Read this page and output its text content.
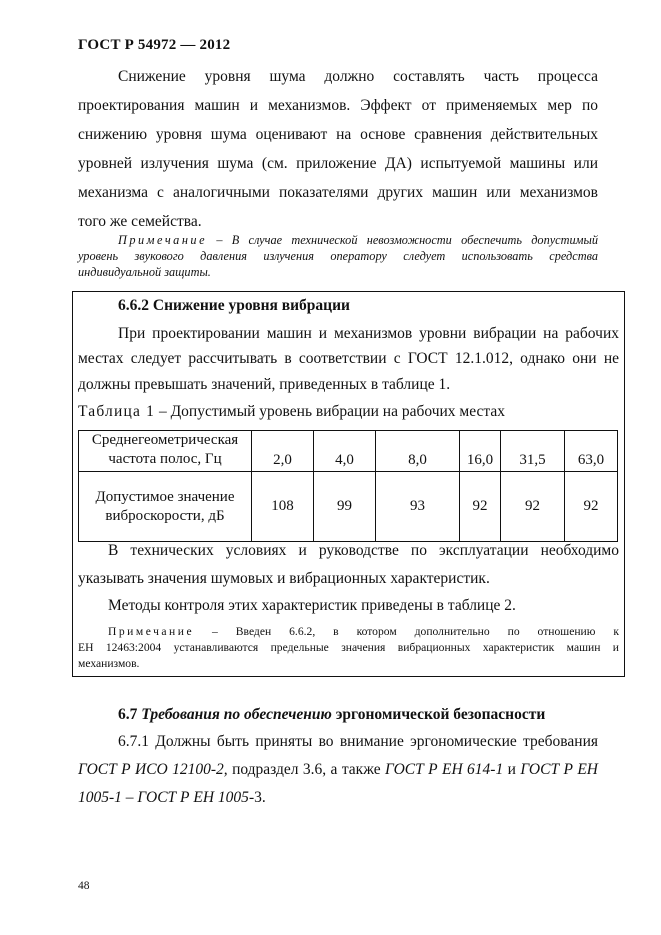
ГОСТ Р 54972 — 2012
Снижение уровня шума должно составлять часть процесса
проектирования машин и механизмов. Эффект от применяемых мер по
снижению уровня шума оценивают на основе сравнения действительных
уровней излучения шума (см. приложение ДА) испытуемой машины или
механизма с аналогичными показателями других машин или механизмов
того же семейства.
Примечание – В случае технической невозможности обеспечить допустимый
уровень звукового давления излучения оператору следует использовать средства
индивидуальной защиты.
6.6.2 Снижение уровня вибрации
При проектировании машин и механизмов уровни вибрации на рабочих
местах следует рассчитывать в соответствии с ГОСТ 12.1.012, однако они не
должны превышать значений, приведенных в таблице 1.
Таблица 1 – Допустимый уровень вибрации на рабочих местах
Среднегеометрическая
частота полос, Гц	2,0	4,0	8,0	16,0	31,5	63,0

Допустимое значение
виброскорости, дБ	108	99	93	92	92	92
В технических условиях и руководстве по эксплуатации необходимо
указывать значения шумовых и вибрационных характеристик.
Методы контроля этих характеристик приведены в таблице 2.
Примечание – Введен 6.6.2, в котором дополнительно по отношению к
ЕН 12463:2004 устанавливаются предельные значения вибрационных характеристик машин и
механизмов.
6.7 Требования по обеспечению эргономической безопасности
6.7.1 Должны быть приняты во внимание эргономические требования
ГОСТ Р ИСО 12100-2, подраздел 3.6, а также ГОСТ Р ЕН 614-1 и ГОСТ Р ЕН
1005-1 – ГОСТ Р ЕН 1005-3.
48
